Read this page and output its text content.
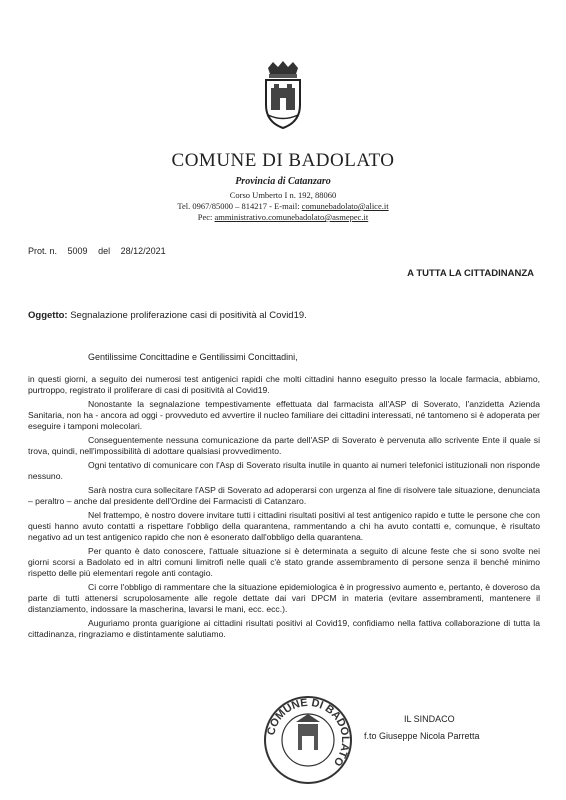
COMUNE DI BADOLATO
Provincia di Catanzaro
Corso Umberto I n. 192, 88060
Tel. 0967/85000 – 814217 - E-mail: comunebadolato@alice.it
Pec: amministrativo.comunebadolato@asmepec.it
Prot. n. 5009 del 28/12/2021
A TUTTA LA CITTADINANZA
Oggetto: Segnalazione proliferazione casi di positività al Covid19.
Gentilissime Concittadine e Gentilissimi Concittadini,

in questi giorni, a seguito dei numerosi test antigenici rapidi che molti cittadini hanno eseguito presso la locale farmacia, abbiamo, purtroppo, registrato il proliferare di casi di positività al Covid19.

Nonostante la segnalazione tempestivamente effettuata dal farmacista all'ASP di Soverato, l'anzidetta Azienda Sanitaria, non ha - ancora ad oggi - provveduto ed avvertire il nucleo familiare dei cittadini interessati, né tantomeno si è adoperata per eseguire i tamponi molecolari.

Conseguentemente nessuna comunicazione da parte dell'ASP di Soverato è pervenuta allo scrivente Ente il quale si trova, quindi, nell'impossibilità di adottare qualsiasi provvedimento.

Ogni tentativo di comunicare con l'Asp di Soverato risulta inutile in quanto ai numeri telefonici istituzionali non risponde nessuno.

Sarà nostra cura sollecitare l'ASP di Soverato ad adoperarsi con urgenza al fine di risolvere tale situazione, denunciata – peraltro – anche dal presidente dell'Ordine dei Farmacisti di Catanzaro.

Nel frattempo, è nostro dovere invitare tutti i cittadini risultati positivi al test antigenico rapido e tutte le persone che con questi hanno avuto contatti a rispettare l'obbligo della quarantena, rammentando a chi ha avuto contatti e, comunque, è risultato negativo ad un test antigenico rapido che non è esonerato dall'obbligo della quarantena.

Per quanto è dato conoscere, l'attuale situazione si è determinata a seguito di alcune feste che si sono svolte nei giorni scorsi a Badolato ed in altri comuni limitrofi nelle quali c'è stato grande assembramento di persone senza il benché minimo rispetto delle più elementari regole anti contagio.

Ci corre l'obbligo di rammentare che la situazione epidemiologica è in progressivo aumento e, pertanto, è doveroso da parte di tutti attenersi scrupolosamente alle regole dettate dai vari DPCM in materia (evitare assembramenti, mantenere il distanziamento, indossare la mascherina, lavarsi le mani, ecc. ecc.).

Auguriamo pronta guarigione ai cittadini risultati positivi al Covid19, confidiamo nella fattiva collaborazione di tutta la cittadinanza, ringraziamo e distintamente salutiamo.

COMUNE DI BADOLATO
IL SINDACO
f.to Giuseppe Nicola Parretta
